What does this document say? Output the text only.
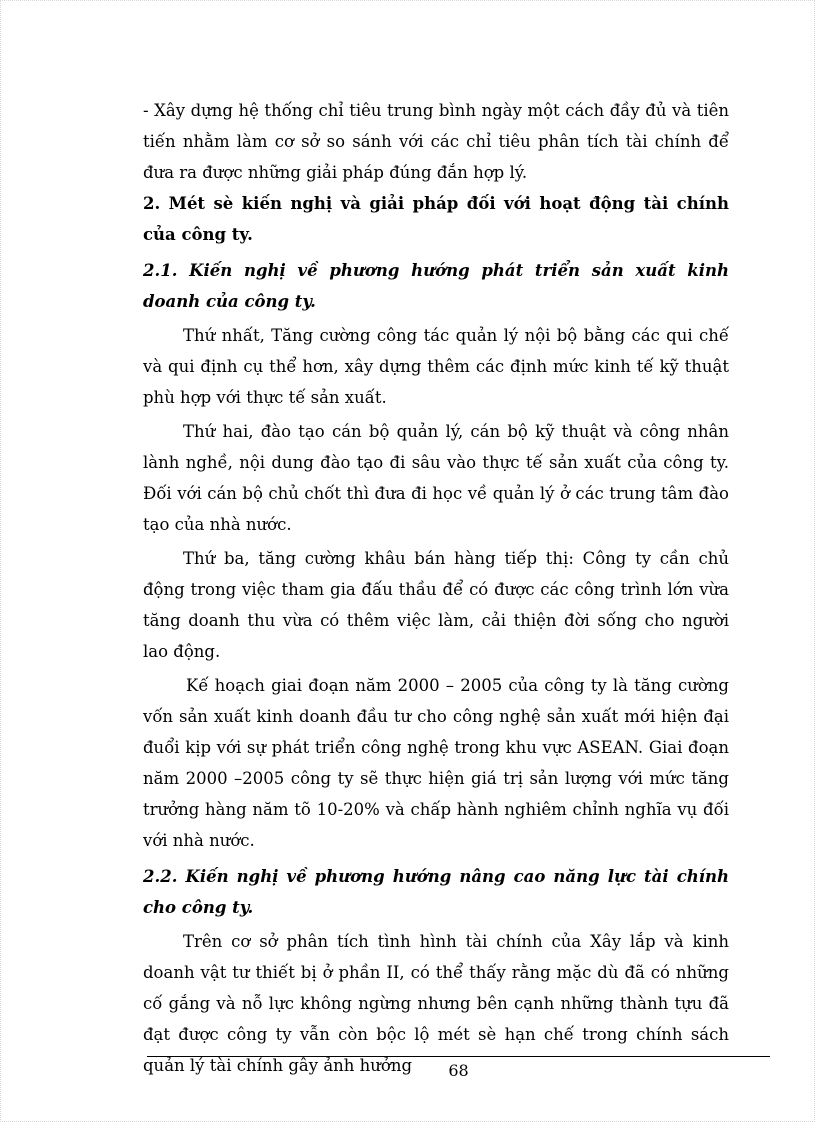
- Xây dựng hệ thống chỉ tiêu trung bình ngày một cách đầy đủ và tiên tiến nhằm làm cơ sở so sánh với các chỉ tiêu phân tích tài chính để đưa ra được những giải pháp đúng đắn hợp lý.

2. Mét sè kiến nghị và giải pháp đối với hoạt động tài chính của công ty.

2.1. Kiến nghị về phương hướng phát triển sản xuất kinh doanh của công ty.

Thứ nhất, Tăng cường công tác quản lý nội bộ bằng các qui chế và qui định cụ thể hơn, xây dựng thêm các định mức kinh tế kỹ thuật phù hợp với thực tế sản xuất.

Thứ hai, đào tạo cán bộ quản lý, cán bộ kỹ thuật và công nhân lành nghề, nội dung đào tạo đi sâu vào thực tế sản xuất của công ty. Đối với cán bộ chủ chốt thì đưa đi học về quản lý ở các trung tâm đào tạo của nhà nước.

Thứ ba, tăng cường khâu bán hàng tiếp thị: Công ty cần chủ động trong việc tham gia đấu thầu để có được các công trình lớn vừa tăng doanh thu vừa có thêm việc làm, cải thiện đời sống cho người lao động.

Kế hoạch giai đoạn năm 2000 – 2005 của công ty là tăng cường vốn sản xuất kinh doanh đầu tư cho công nghệ sản xuất mới hiện đại đuổi kịp với sự phát triển công nghệ trong khu vực ASEAN. Giai đoạn năm 2000 –2005 công ty sẽ thực hiện giá trị sản lượng với mức tăng trưởng hàng năm tõ 10-20% và chấp hành nghiêm chỉnh nghĩa vụ đối với nhà nước.

2.2. Kiến nghị về phương hướng nâng cao năng lực tài chính cho công ty.

Trên cơ sở phân tích tình hình tài chính của Xây lắp và kinh doanh vật tư thiết bị ở phần II, có thể thấy rằng mặc dù đã có những cố gắng và nỗ lực không ngừng nhưng bên cạnh những thành tựu đã đạt được công ty vẫn còn bộc lộ mét sè hạn chế trong chính sách quản lý tài chính gây ảnh hưởng	68
